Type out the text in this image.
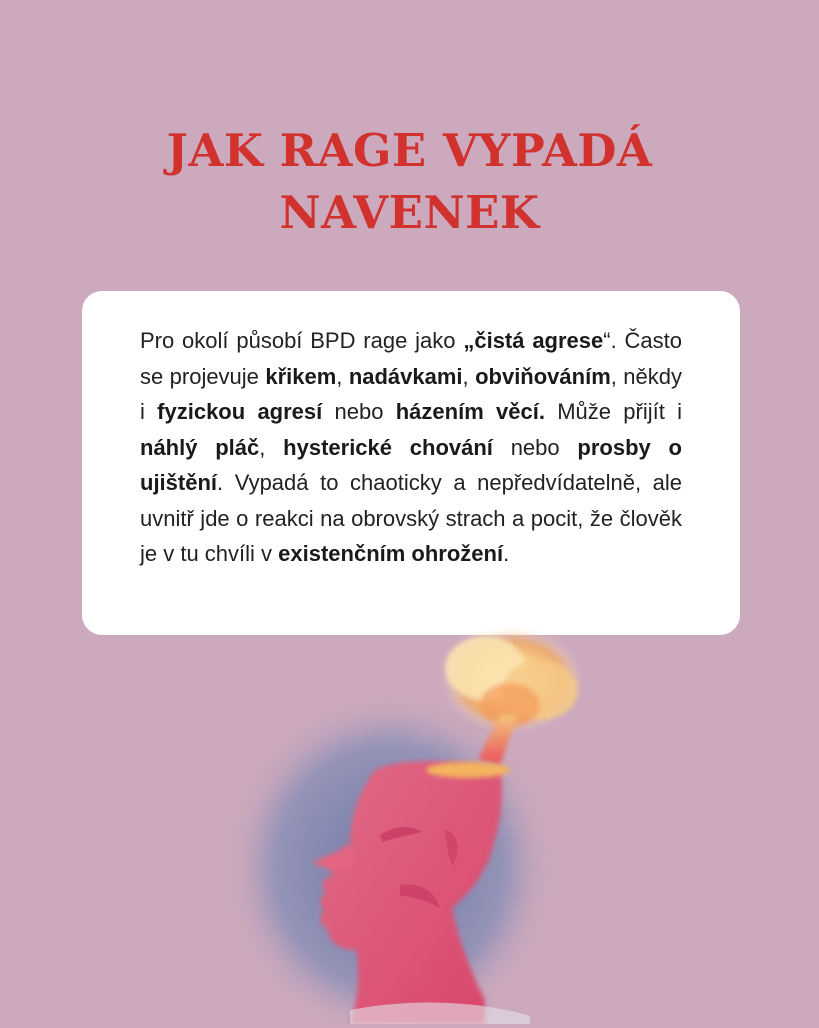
JAK RAGE VYPADÁ
NAVENEK

Pro okolí působí BPD rage jako „čistá agrese“. Často se projevuje křikem, nadávkami, obviňováním, někdy i fyzickou agresí nebo házením věcí. Může přijít i náhlý pláč, hysterické chování nebo prosby o ujištění. Vypadá to chaoticky a nepředvídatelně, ale uvnitř jde o reakci na obrovský strach a pocit, že člověk je v tu chvíli v existenčním ohrožení.
